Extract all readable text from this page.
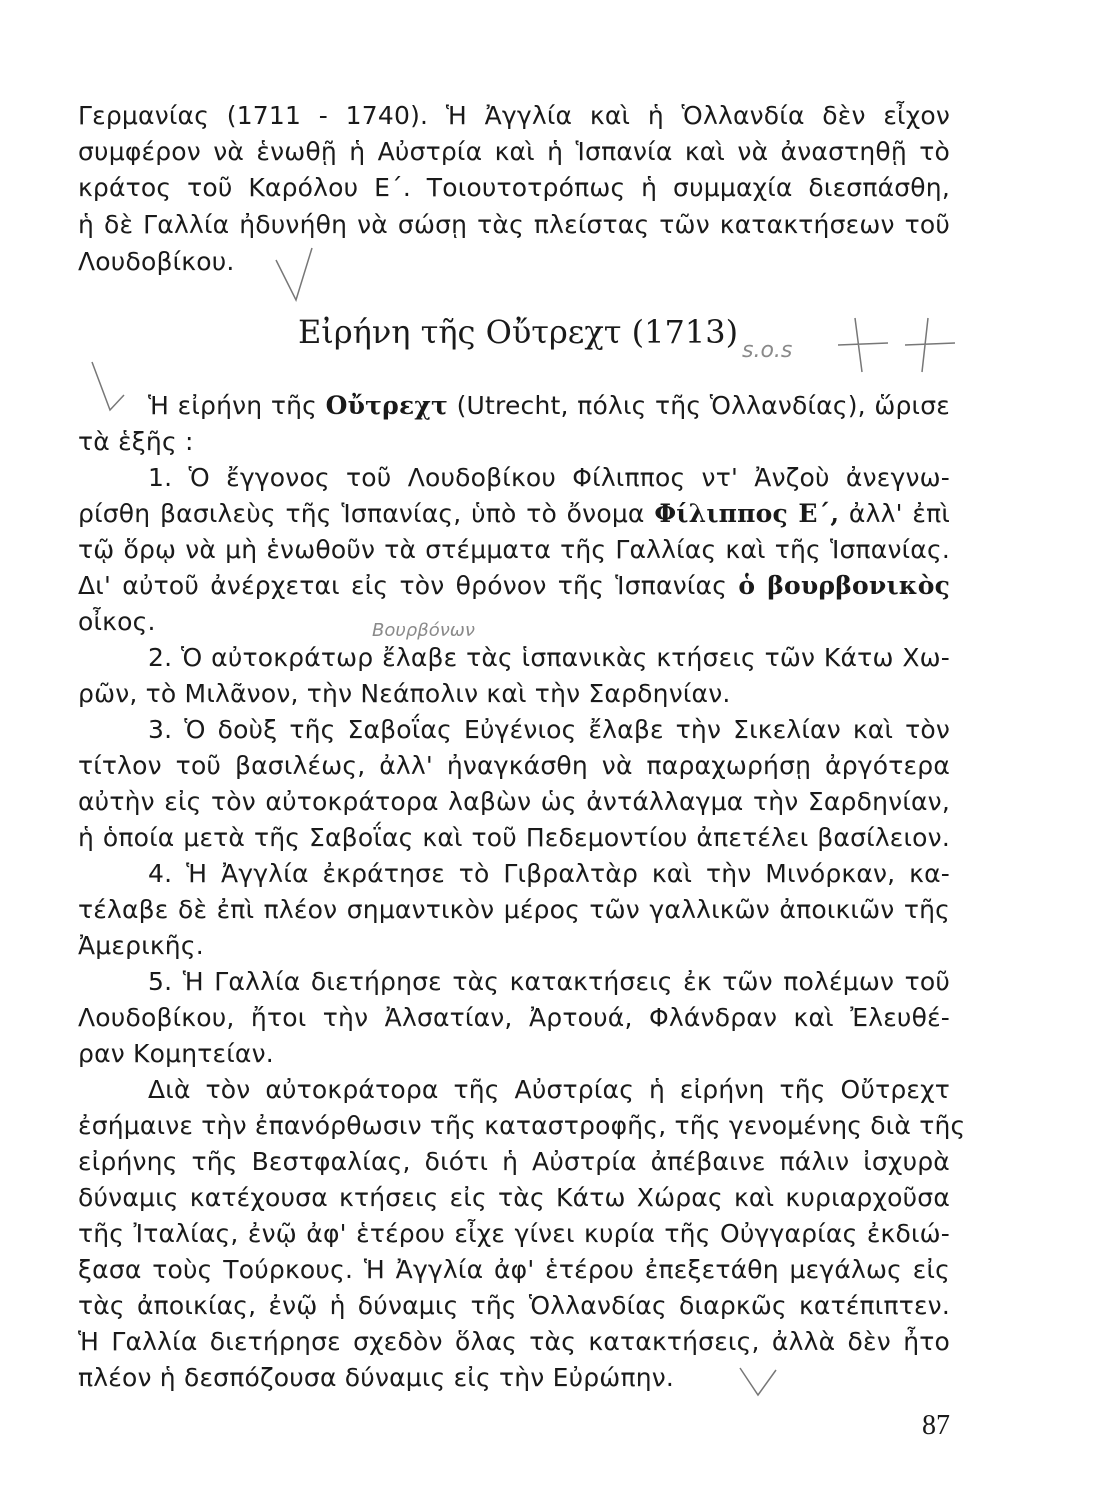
Γερμανίας (1711 - 1740). Ἡ Ἀγγλία καὶ ἡ Ὁλλανδία δὲν εἶχον
συμφέρον νὰ ἑνωθῇ ἡ Αὐστρία καὶ ἡ Ἱσπανία καὶ νὰ ἀναστηθῇ τὸ
κράτος τοῦ Καρόλου Ε΄. Τοιουτοτρόπως ἡ συμμαχία διεσπάσθη,
ἡ δὲ Γαλλία ἠδυνήθη νὰ σώσῃ τὰς πλείστας τῶν κατακτήσεων τοῦ
Λουδοβίκου.
Εἰρήνη τῆς Οὔτρεχτ (1713)
Ἡ εἰρήνη τῆς Οὔτρεχτ (Utrecht, πόλις τῆς Ὁλλανδίας), ὥρισε
τὰ ἑξῆς :
1. Ὁ ἔγγονος τοῦ Λουδοβίκου Φίλιππος ντ' Ἀνζοὺ ἀνεγνω-
ρίσθη βασιλεὺς τῆς Ἱσπανίας, ὑπὸ τὸ ὄνομα Φίλιππος Ε΄, ἀλλ' ἐπὶ
τῷ ὅρῳ νὰ μὴ ἑνωθοῦν τὰ στέμματα τῆς Γαλλίας καὶ τῆς Ἱσπανίας.
Δι' αὐτοῦ ἀνέρχεται εἰς τὸν θρόνον τῆς Ἱσπανίας ὁ βουρβονικὸς
οἶκος.
2. Ὁ αὐτοκράτωρ ἔλαβε τὰς ἱσπανικὰς κτήσεις τῶν Κάτω Χω-
ρῶν, τὸ Μιλᾶνον, τὴν Νεάπολιν καὶ τὴν Σαρδηνίαν.
3. Ὁ δοὺξ τῆς Σαβοΐας Εὐγένιος ἔλαβε τὴν Σικελίαν καὶ τὸν
τίτλον τοῦ βασιλέως, ἀλλ' ἠναγκάσθη νὰ παραχωρήσῃ ἀργότερα
αὐτὴν εἰς τὸν αὐτοκράτορα λαβὼν ὡς ἀντάλλαγμα τὴν Σαρδηνίαν,
ἡ ὁποία μετὰ τῆς Σαβοΐας καὶ τοῦ Πεδεμοντίου ἀπετέλει βασίλειον.
4. Ἡ Ἀγγλία ἐκράτησε τὸ Γιβραλτὰρ καὶ τὴν Μινόρκαν, κα-
τέλαβε δὲ ἐπὶ πλέον σημαντικὸν μέρος τῶν γαλλικῶν ἀποικιῶν τῆς
Ἀμερικῆς.
5. Ἡ Γαλλία διετήρησε τὰς κατακτήσεις ἐκ τῶν πολέμων τοῦ
Λουδοβίκου, ἤτοι τὴν Ἀλσατίαν, Ἀρτουά, Φλάνδραν καὶ Ἐλευθέ-
ραν Κομητείαν.
Διὰ τὸν αὐτοκράτορα τῆς Αὐστρίας ἡ εἰρήνη τῆς Οὔτρεχτ
ἐσήμαινε τὴν ἐπανόρθωσιν τῆς καταστροφῆς, τῆς γενομένης διὰ τῆς
εἰρήνης τῆς Βεστφαλίας, διότι ἡ Αὐστρία ἀπέβαινε πάλιν ἰσχυρὰ
δύναμις κατέχουσα κτήσεις εἰς τὰς Κάτω Χώρας καὶ κυριαρχοῦσα
τῆς Ἰταλίας, ἐνῷ ἀφ' ἑτέρου εἶχε γίνει κυρία τῆς Οὐγγαρίας ἐκδιώ-
ξασα τοὺς Τούρκους. Ἡ Ἀγγλία ἀφ' ἑτέρου ἐπεξετάθη μεγάλως εἰς
τὰς ἀποικίας, ἐνῷ ἡ δύναμις τῆς Ὁλλανδίας διαρκῶς κατέπιπτεν.
Ἡ Γαλλία διετήρησε σχεδὸν ὅλας τὰς κατακτήσεις, ἀλλὰ δὲν ἦτο
πλέον ἡ δεσπόζουσα δύναμις εἰς τὴν Εὐρώπην.
87
s.o.s
Βουρβόνων
